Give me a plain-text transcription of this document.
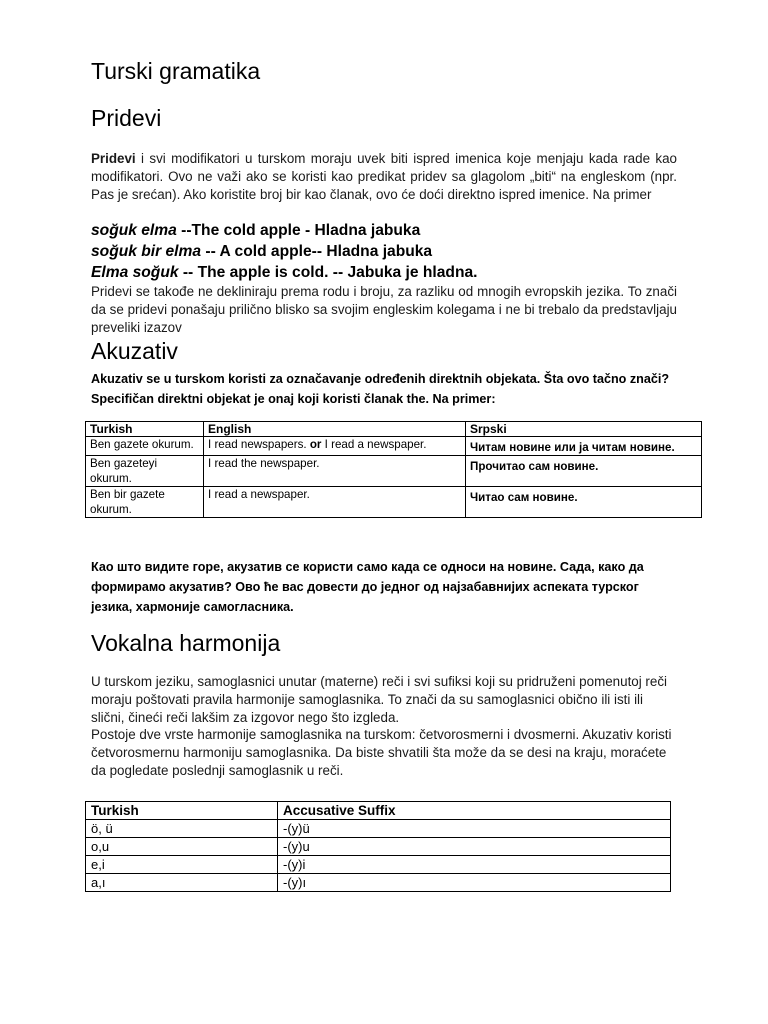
Turski gramatika
Pridevi
Pridevi i svi modifikatori u turskom moraju uvek biti ispred imenica koje menjaju kada rade kao modifikatori. Ovo ne važi ako se koristi kao predikat pridev sa glagolom „biti“ na engleskom (npr. Pas je srećan). Ako koristite broj bir kao članak, ovo će doći direktno ispred imenice. Na primer
soğuk elma --The cold apple - Hladna jabuka
soğuk bir elma -- A cold apple-- Hladna jabuka
Elma soğuk -- The apple is cold. -- Jabuka je hladna.
Pridevi se takođe ne dekliniraju prema rodu i broju, za razliku od mnogih evropskih jezika. To znači da se pridevi ponašaju prilično blisko sa svojim engleskim kolegama i ne bi trebalo da predstavljaju preveliki izazov
Akuzativ
Akuzativ se u turskom koristi za označavanje određenih direktnih objekata. Šta ovo tačno znači? Specifičan direktni objekat je onaj koji koristi članak the. Na primer:
Turkish	English	Srpski
Ben gazete okurum.	I read newspapers. or I read a newspaper.	Читам новине или ја читам новине.
Ben gazeteyi okurum.	I read the newspaper.	Прочитао сам новине.
Ben bir gazete okurum.	I read a newspaper.	Читао сам новине.
Као што видите горе, акузатив се користи само када се односи на новине. Сада, како да формирамо акузатив? Ово ће вас довести до једног од најзабавнијих аспеката турског језика, хармоније самогласника.
Vokalna harmonija
U turskom jeziku, samoglasnici unutar (materne) reči i svi sufiksi koji su pridruženi pomenutoj reči moraju poštovati pravila harmonije samoglasnika. To znači da su samoglasnici obično ili isti ili slični, čineći reči lakšim za izgovor nego što izgleda.
Postoje dve vrste harmonije samoglasnika na turskom: četvorosmerni i dvosmerni. Akuzativ koristi četvorosmernu harmoniju samoglasnika. Da biste shvatili šta može da se desi na kraju, moraćete da pogledate poslednji samoglasnik u reči.
Turkish	Accusative Suffix
ö, ü	-(y)ü
o,u	-(y)u
e,i	-(y)i
a,ı	-(y)ı
